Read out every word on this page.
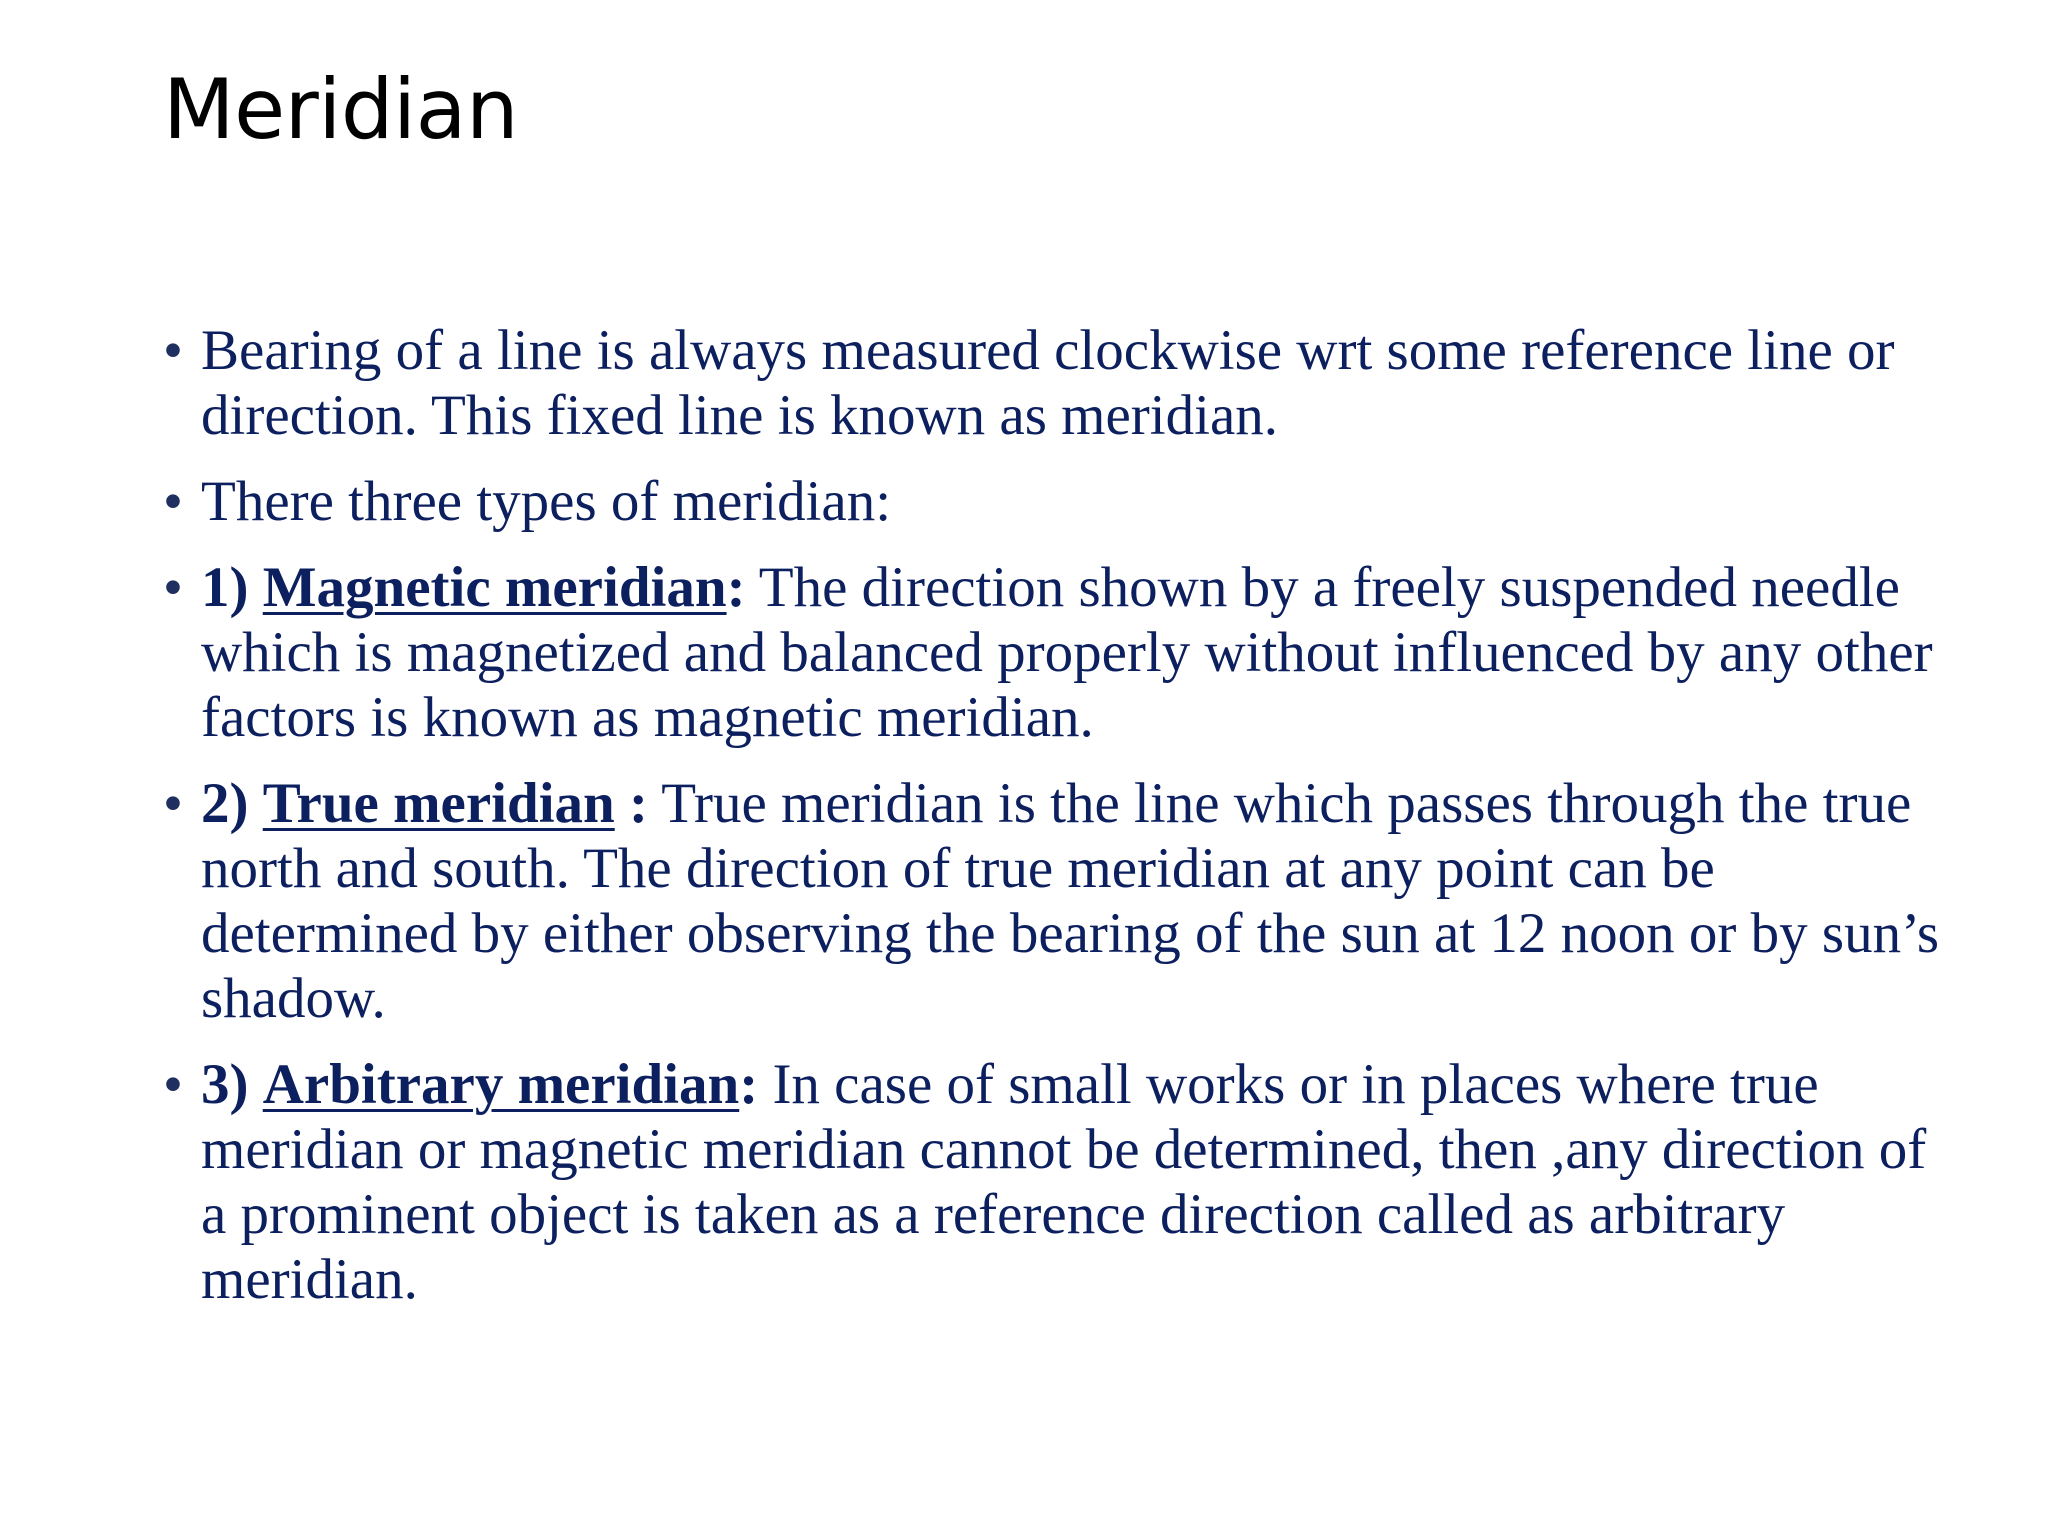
Meridian
• Bearing of a line is always measured clockwise wrt some reference line or direction. This fixed line is known as meridian.
• There three types of meridian:
• 1) Magnetic meridian: The direction shown by a freely suspended needle which is magnetized and balanced properly without influenced by any other factors is known as magnetic meridian.
• 2) True meridian : True meridian is the line which passes through the true north and south. The direction of true meridian at any point can be determined by either observing the bearing of the sun at 12 noon or by sun’s shadow.
• 3) Arbitrary meridian: In case of small works or in places where true meridian or magnetic meridian cannot be determined, then ,any direction of a prominent object is taken as a reference direction called as arbitrary meridian.
